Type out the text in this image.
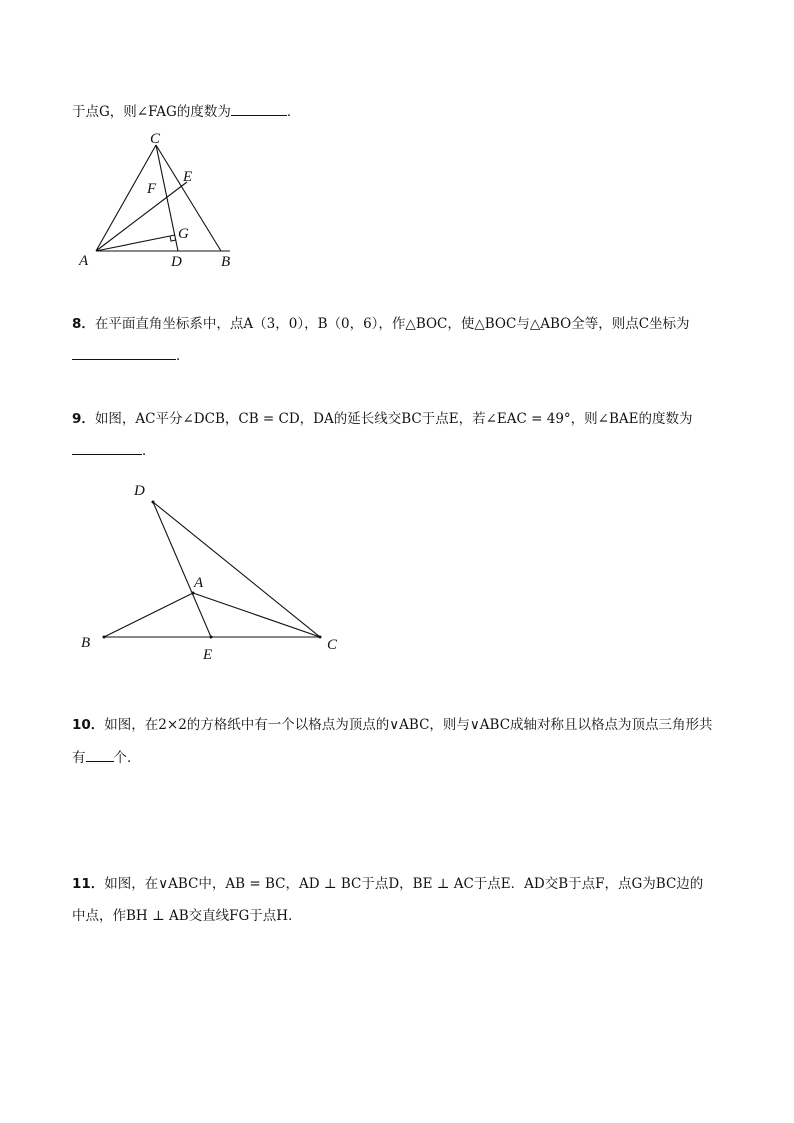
于点G，则∠FAG的度数为	．
C
E
F
G
A	D	B
8．在平面直角坐标系中，点A（3，0），B（0，6），作△BOC，使△BOC与△ABO全等，则点C坐标为
．
9．如图，AC平分∠DCB，CB = CD，DA的延长线交BC于点E，若∠EAC = 49°，则∠BAE的度数为
．
D
A
B
E
C
10．如图，在2×2的方格纸中有一个以格点为顶点的∨ABC，则与∨ABC成轴对称且以格点为顶点三角形共
有 个．
11．如图，在∨ABC中，AB = BC，AD ⊥ BC于点D，BE ⊥ AC于点E．AD交B于点F，点G为BC边的
中点，作BH ⊥ AB交直线FG于点H．
